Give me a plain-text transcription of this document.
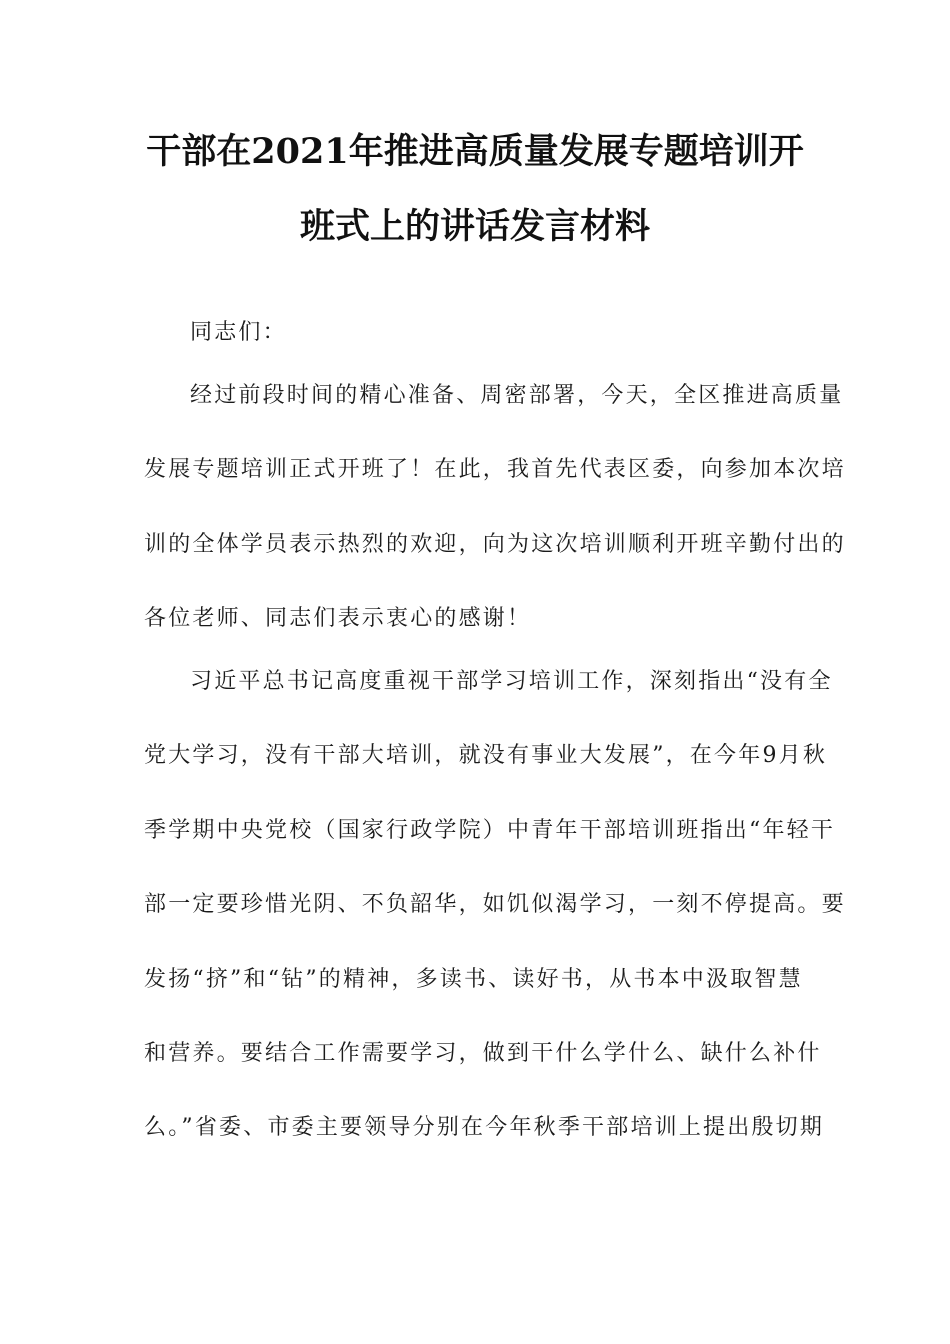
干部在2021年推进高质量发展专题培训开
班式上的讲话发言材料
同志们：
经过前段时间的精心准备、周密部署，今天，全区推进高质量
发展专题培训正式开班了！在此，我首先代表区委，向参加本次培
训的全体学员表示热烈的欢迎，向为这次培训顺利开班辛勤付出的
各位老师、同志们表示衷心的感谢！
习近平总书记高度重视干部学习培训工作，深刻指出“没有全
党大学习，没有干部大培训，就没有事业大发展”，在今年9月秋
季学期中央党校（国家行政学院）中青年干部培训班指出“年轻干
部一定要珍惜光阴、不负韶华，如饥似渴学习，一刻不停提高。要
发扬“挤”和“钻”的精神，多读书、读好书，从书本中汲取智慧
和营养。要结合工作需要学习，做到干什么学什么、缺什么补什
么。”省委、市委主要领导分别在今年秋季干部培训上提出殷切期
